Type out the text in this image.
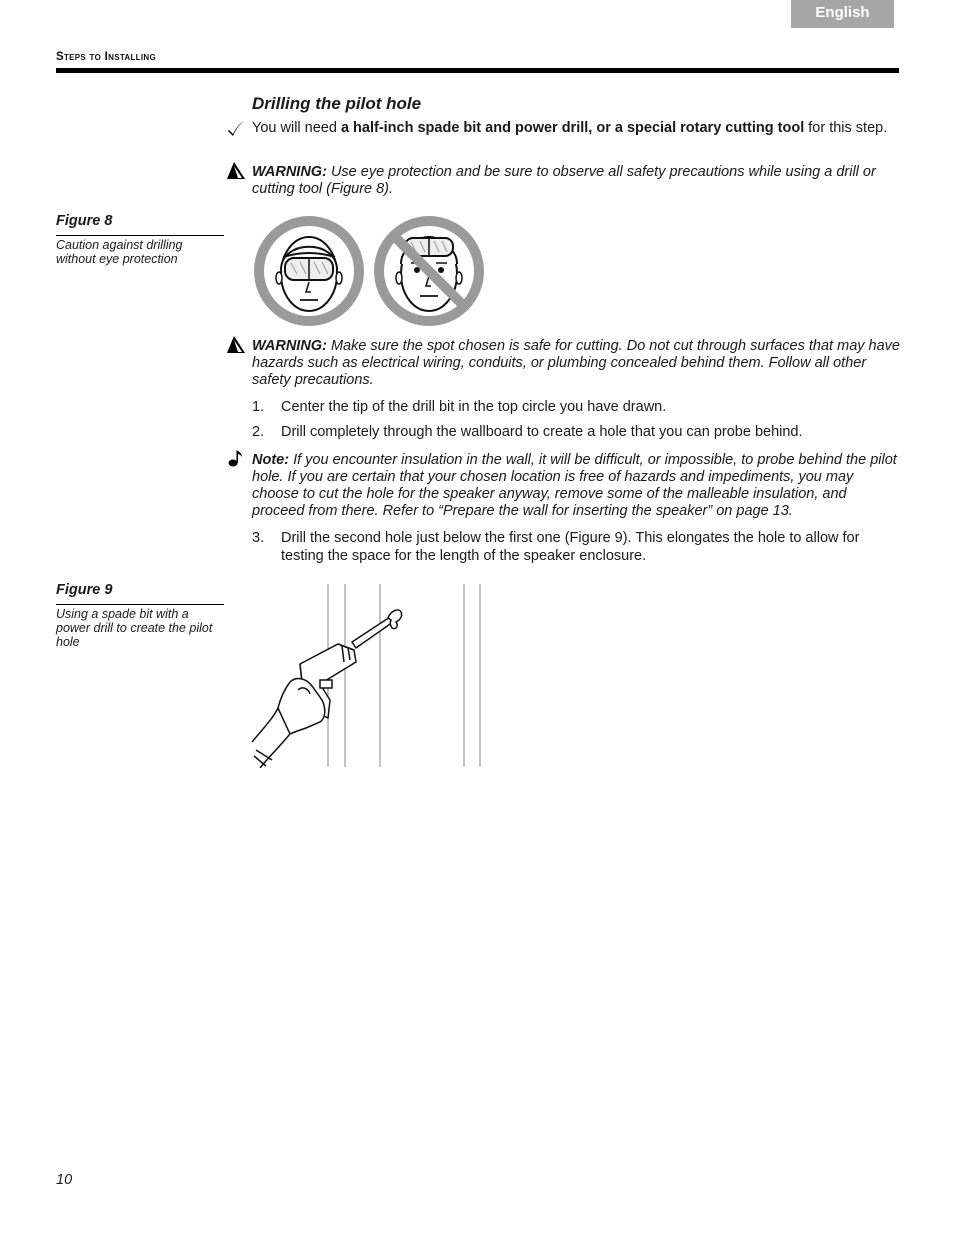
English
Steps to Installing
Drilling the pilot hole
You will need a half-inch spade bit and power drill, or a special rotary cutting tool for this step.
WARNING: Use eye protection and be sure to observe all safety precautions while using a drill or cutting tool (Figure 8).
Figure 8
Caution against drilling without eye protection
WARNING: Make sure the spot chosen is safe for cutting. Do not cut through surfaces that may have hazards such as electrical wiring, conduits, or plumbing concealed behind them. Follow all other safety precautions.
1.	Center the tip of the drill bit in the top circle you have drawn.
2.	Drill completely through the wallboard to create a hole that you can probe behind.
Note: If you encounter insulation in the wall, it will be difficult, or impossible, to probe behind the pilot hole. If you are certain that your chosen location is free of hazards and impediments, you may choose to cut the hole for the speaker anyway, remove some of the malleable insulation, and proceed from there. Refer to “Prepare the wall for inserting the speaker” on page 13.
3.	Drill the second hole just below the first one (Figure 9). This elongates the hole to allow for testing the space for the length of the speaker enclosure.
Figure 9
Using a spade bit with a power drill to create the pilot hole
10
